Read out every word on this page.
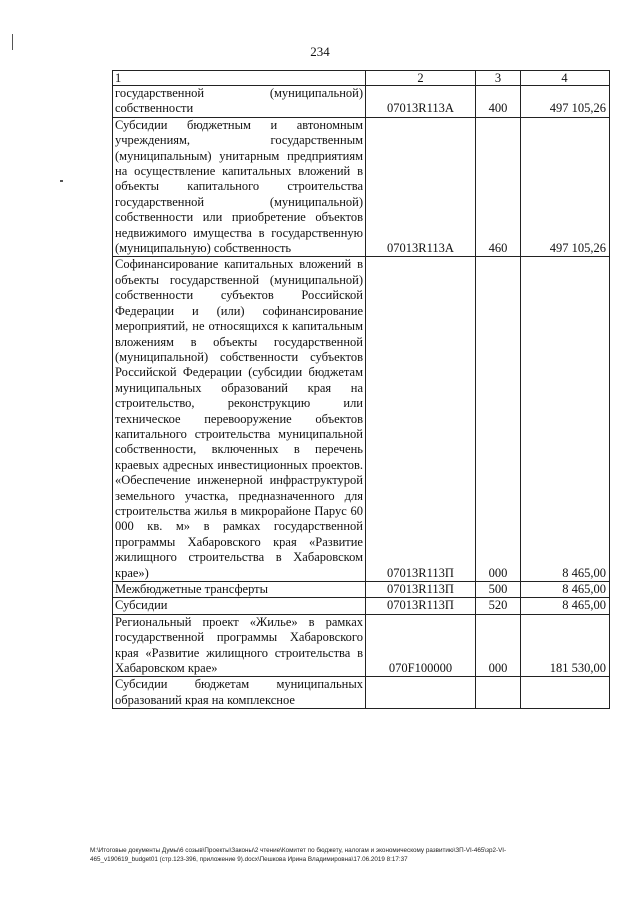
234
1	2	3	4
государственной (муниципальной) собственности	07013R113A	400	497 105,26
Субсидии бюджетным и автономным учреждениям, государственным (муниципальным) унитарным предприятиям на осуществление капитальных вложений в объекты капитального строительства государственной (муниципальной) собственности или приобретение объектов недвижимого имущества в государственную (муниципальную) собственность	07013R113A	460	497 105,26
Софинансирование капитальных вложений в объекты государственной (муниципальной) собственности субъектов Российской Федерации и (или) софинансирование мероприятий, не относящихся к капитальным вложениям в объекты государственной (муниципальной) собственности субъектов Российской Федерации (субсидии бюджетам муниципальных образований края на строительство, реконструкцию или техническое перевооружение объектов капитального строительства муниципальной собственности, включенных в перечень краевых адресных инвестиционных проектов. «Обеспечение инженерной инфраструктурой земельного участка, предназначенного для строительства жилья в микрорайоне Парус 60 000 кв. м» в рамках государственной программы Хабаровского края «Развитие жилищного строительства в Хабаровском крае»)	07013R113П	000	8 465,00
Межбюджетные трансферты	07013R113П	500	8 465,00
Субсидии	07013R113П	520	8 465,00
Региональный проект «Жилье» в рамках государственной программы Хабаровского края «Развитие жилищного строительства в Хабаровском крае»	070F100000	000	181 530,00
Субсидии бюджетам муниципальных образований края на комплексное			
М:\Итоговые документы Думы\6 созыв\Проекты\Законы\2 чтение\Комитет по бюджету, налогам и экономическому развитию\ЗП-VI-465\зр2-VI-
465_v190619_budget01 (стр.123-396, приложение 9).docx\Пешкова Ирина Владимировна\17.06.2019 8:17:37
